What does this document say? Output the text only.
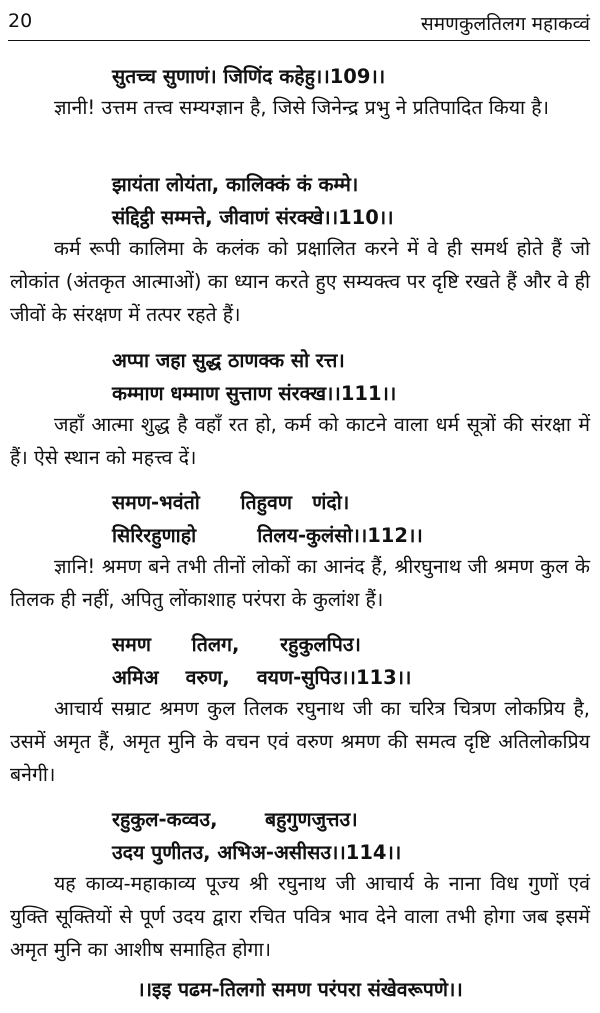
20	समणकुलतिलग महाकव्वं
सुतच्च सुणाणं। जिणिंद कहेहु।।109।।

ज्ञानी! उत्तम तत्त्व सम्यग्ज्ञान है, जिसे जिनेन्द्र प्रभु ने प्रतिपादित किया है।

झायंता लोयंता, कालिक्कं कं कम्मे।
संद्दिट्ठी सम्मत्ते, जीवाणं संरक्खे।।110।।

कर्म रूपी कालिमा के कलंक को प्रक्षालित करने में वे ही समर्थ होते हैं जो लोकांत (अंतकृत आत्माओं) का ध्यान करते हुए सम्यक्त्व पर दृष्टि रखते हैं और वे ही जीवों के संरक्षण में तत्पर रहते हैं।

अप्पा जहा सुद्ध ठाणक्क सो रत्त।
कम्माण धम्माण सुत्ताण संरक्ख।।111।।

जहाँ आत्मा शुद्ध है वहाँ रत हो, कर्म को काटने वाला धर्म सूत्रों की संरक्षा में हैं। ऐसे स्थान को महत्त्व दें।

समण-भवंतो      तिहुवण   णंदो।
सिरिरहुणाहो         तिलय-कुलंसो।।112।।

ज्ञानि! श्रमण बने तभी तीनों लोकों का आनंद हैं, श्रीरघुनाथ जी श्रमण कुल के तिलक ही नहीं, अपितु लोंकाशाह परंपरा के कुलांश हैं।

समण      तिलग,      रहुकुलपिउ।
अमिअ    वरुण,    वयण-सुपिउ।।113।।

आचार्य सम्राट श्रमण कुल तिलक रघुनाथ जी का चरित्र चित्रण लोकप्रिय है, उसमें अमृत हैं, अमृत मुनि के वचन एवं वरुण श्रमण की समत्व दृष्टि अतिलोकप्रिय बनेगी।

रहुकुल-कव्वउ,       बहुगुणजुत्तउ।
उदय पुणीतउ, अभिअ-असीसउ।।114।।

यह काव्य-महाकाव्य पूज्य श्री रघुनाथ जी आचार्य के नाना विध गुणों एवं युक्ति सूक्तियों से पूर्ण उदय द्वारा रचित पवित्र भाव देने वाला तभी होगा जब इसमें अमृत मुनि का आशीष समाहित होगा।

।।इइ पढम-तिलगो समण परंपरा संखेवरूपणे।।
